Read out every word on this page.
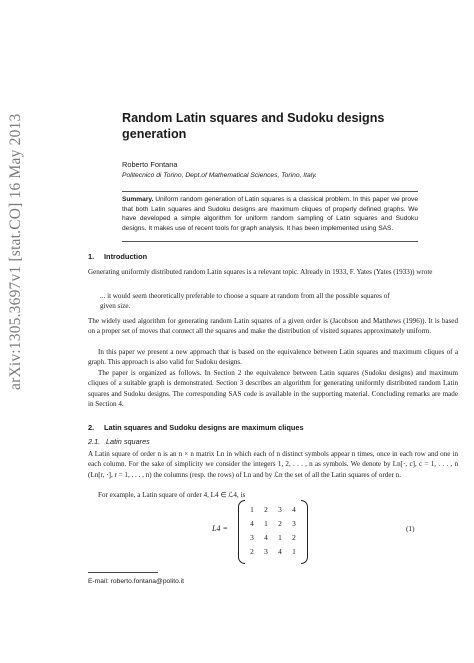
arXiv:1305.3697v1 [stat.CO] 16 May 2013	Random Latin squares and Sudoku designs generation
Roberto Fontana
Politecnico di Torino, Dept.of Mathematical Sciences, Torino, Italy.
Summary. Uniform random generation of Latin squares is a classical problem. In this paper we prove that both Latin squares and Sudoku designs are maximum cliques of properly defined graphs. We have developed a simple algorithm for uniform random sampling of Latin squares and Sudoku designs. It makes use of recent tools for graph analysis. It has been implemented using SAS.
1. Introduction
Generating uniformly distributed random Latin squares is a relevant topic. Already in 1933, F. Yates (Yates (1933)) wrote
... it would seem theoretically preferable to choose a square at random from all the possible squares of given size.
The widely used algorithm for generating random Latin squares of a given order is (Jacobson and Matthews (1996)). It is based on a proper set of moves that connect all the squares and make the distribution of visited squares approximately uniform.
In this paper we present a new approach that is based on the equivalence between Latin squares and maximum cliques of a graph. This approach is also valid for Sudoku designs.
The paper is organized as follows. In Section 2 the equivalence between Latin squares (Sudoku designs) and maximum cliques of a suitable graph is demonstrated. Section 3 describes an algorithm for generating uniformly distributed random Latin squares and Sudoku designs. The corresponding SAS code is available in the supporting material. Concluding remarks are made in Section 4.
2. Latin squares and Sudoku designs are maximum cliques
2.1. Latin squares
A Latin square of order n is an n × n matrix Ln in which each of n distinct symbols appear n times, once in each row and one in each column. For the sake of simplicity we consider the integers 1, 2, . . . , n as symbols. We denote by Ln[·, c], c = 1, . . . , n (Ln[r, ·], r = 1, . . . , n) the columns (resp. the rows) of Ln and by ℒn the set of all the Latin squares of order n.
For example, a Latin square of order 4, L4 ∈ ℒ4, is
L4 =
1	2	3	4
4	1	2	3
3	4	1	2
2	3	4	1
(1)
E-mail: roberto.fontana@polito.it
